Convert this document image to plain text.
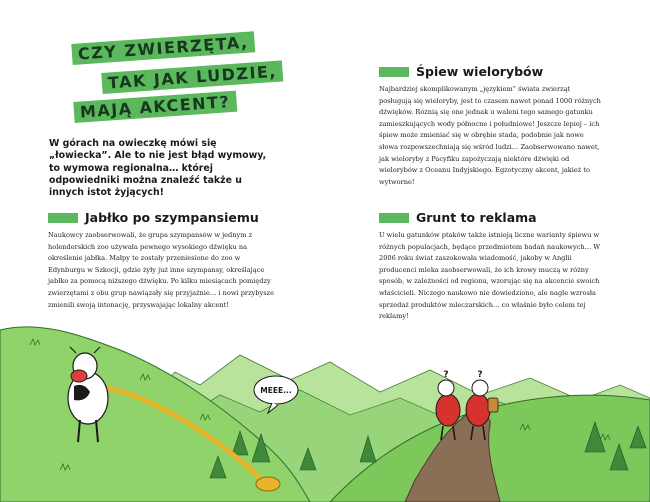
CZY ZWIERZĘTA,
TAK JAK LUDZIE,
MAJĄ AKCENT?

W górach na owieczkę mówi się „łowiecka”. Ale to nie jest błąd wymowy, to wymowa regionalna… której odpowiedniki można znaleźć także u innych istot żyjących!

Jabłko po szympansiemu

Naukowcy zaobserwowali, że grupa szympansów w jednym z holenderskich zoo używała pewnego wysokiego dźwięku na określenie jabłka. Małpy te zostały przeniesione do zoo w Edynburgu w Szkocji, gdzie żyły już inne szympansy, określające jabłko za pomocą niższego dźwięku. Po kilku miesiącach pomiędzy zwierzętami z obu grup nawiązały się przyjaźnie… i nowi przybysze zmienili swoją intonację, przyswajając lokalny akcent!

Śpiew wielorybów

Najbardziej skomplikowanym „językiem” świata zwierząt posługują się wieloryby, jest to czasem nawet ponad 1000 różnych dźwięków. Różnią się one jednak u waleni tego samego gatunku zamieszkujących wody północne i południowe! Jeszcze lepiej – ich śpiew może zmieniać się w obrębie stada, podobnie jak nowe słowa rozpowszechniają się wśród ludzi… Zaobserwowano nawet, jak wieloryby z Pacyfiku zapożyczają niektóre dźwięki od wielorybów z Oceanu Indyjskiego. Egzotyczny akcent, jakież to wytworne!

Grunt to reklama

U wielu gatunków ptaków także istnieją liczne warianty śpiewu w różnych populacjach, będące przedmiotem badań naukowych… W 2006 roku świat zaszokowała wiadomość, jakoby w Anglii producenci mleka zaobserwowali, że ich krowy muczą w różny sposób, w zależności od regionu, wzorując się na akcencie swoich właścicieli. Niczego naukowo nie dowiedziono, ale nagle wzrosła sprzedaż produktów mleczarskich… co właśnie było celem tej reklamy!

MEEE...
?	?
